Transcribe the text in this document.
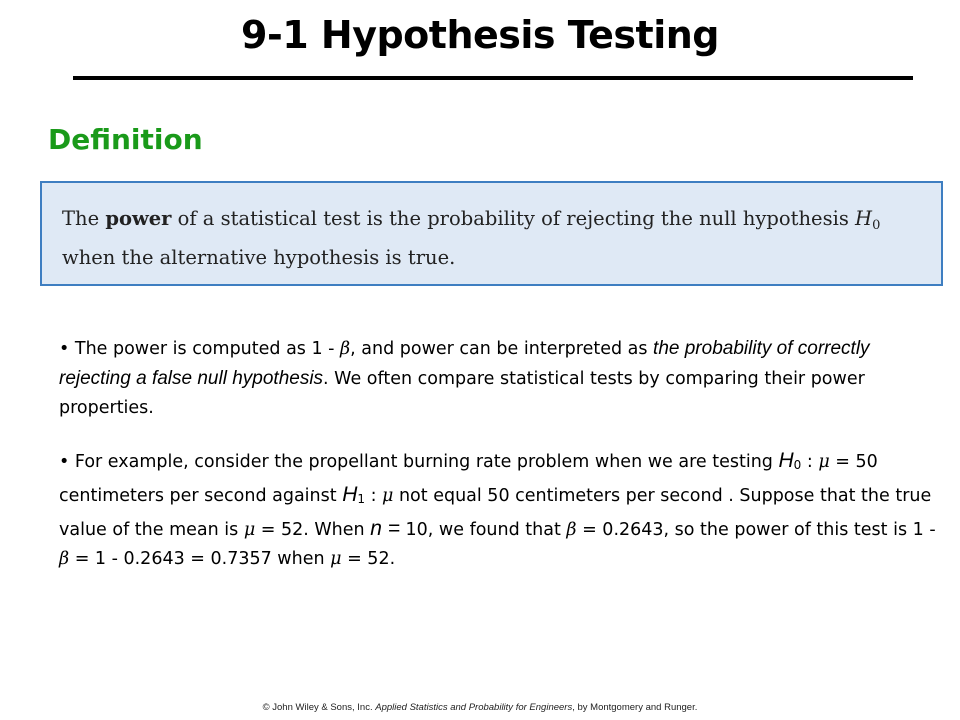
9-1 Hypothesis Testing
Definition
The power of a statistical test is the probability of rejecting the null hypothesis $H_0$ when the alternative hypothesis is true.

• The power is computed as 1 - β, and power can be interpreted as the probability of correctly rejecting a false null hypothesis. We often compare statistical tests by comparing their power properties.

• For example, consider the propellant burning rate problem when we are testing H0 : μ = 50 centimeters per second against H1 : μ not equal 50 centimeters per second . Suppose that the true value of the mean is μ = 52. When n = 10, we found that β = 0.2643, so the power of this test is 1 - β = 1 - 0.2643 = 0.7357 when μ = 52.

© John Wiley & Sons, Inc. Applied Statistics and Probability for Engineers, by Montgomery and Runger.
